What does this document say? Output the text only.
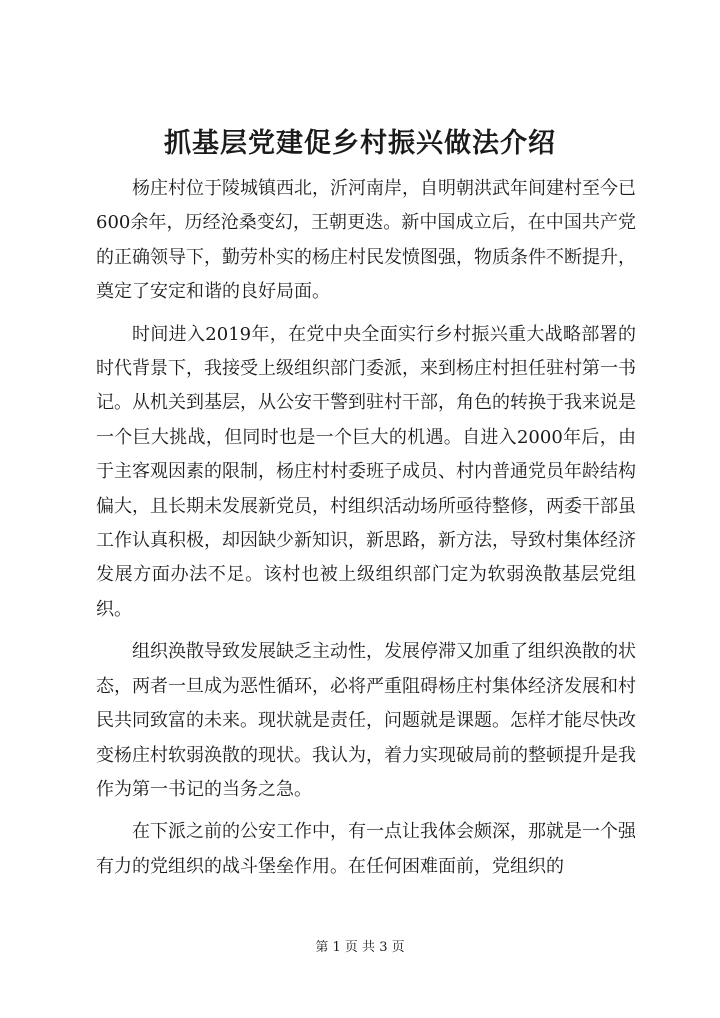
抓基层党建促乡村振兴做法介绍

杨庄村位于陵城镇西北，沂河南岸，自明朝洪武年间建村至今已600余年，历经沧桑变幻，王朝更迭。新中国成立后，在中国共产党的正确领导下，勤劳朴实的杨庄村民发愤图强，物质条件不断提升，奠定了安定和谐的良好局面。

时间进入2019年，在党中央全面实行乡村振兴重大战略部署的时代背景下，我接受上级组织部门委派，来到杨庄村担任驻村第一书记。从机关到基层，从公安干警到驻村干部，角色的转换于我来说是一个巨大挑战，但同时也是一个巨大的机遇。自进入2000年后，由于主客观因素的限制，杨庄村村委班子成员、村内普通党员年龄结构偏大，且长期未发展新党员，村组织活动场所亟待整修，两委干部虽工作认真积极，却因缺少新知识，新思路，新方法，导致村集体经济发展方面办法不足。该村也被上级组织部门定为软弱涣散基层党组织。

组织涣散导致发展缺乏主动性，发展停滞又加重了组织涣散的状态，两者一旦成为恶性循环，必将严重阻碍杨庄村集体经济发展和村民共同致富的未来。现状就是责任，问题就是课题。怎样才能尽快改变杨庄村软弱涣散的现状。我认为，着力实现破局前的整顿提升是我作为第一书记的当务之急。

在下派之前的公安工作中，有一点让我体会颇深，那就是一个强有力的党组织的战斗堡垒作用。在任何困难面前，党组织的

第 1 页 共 3 页
